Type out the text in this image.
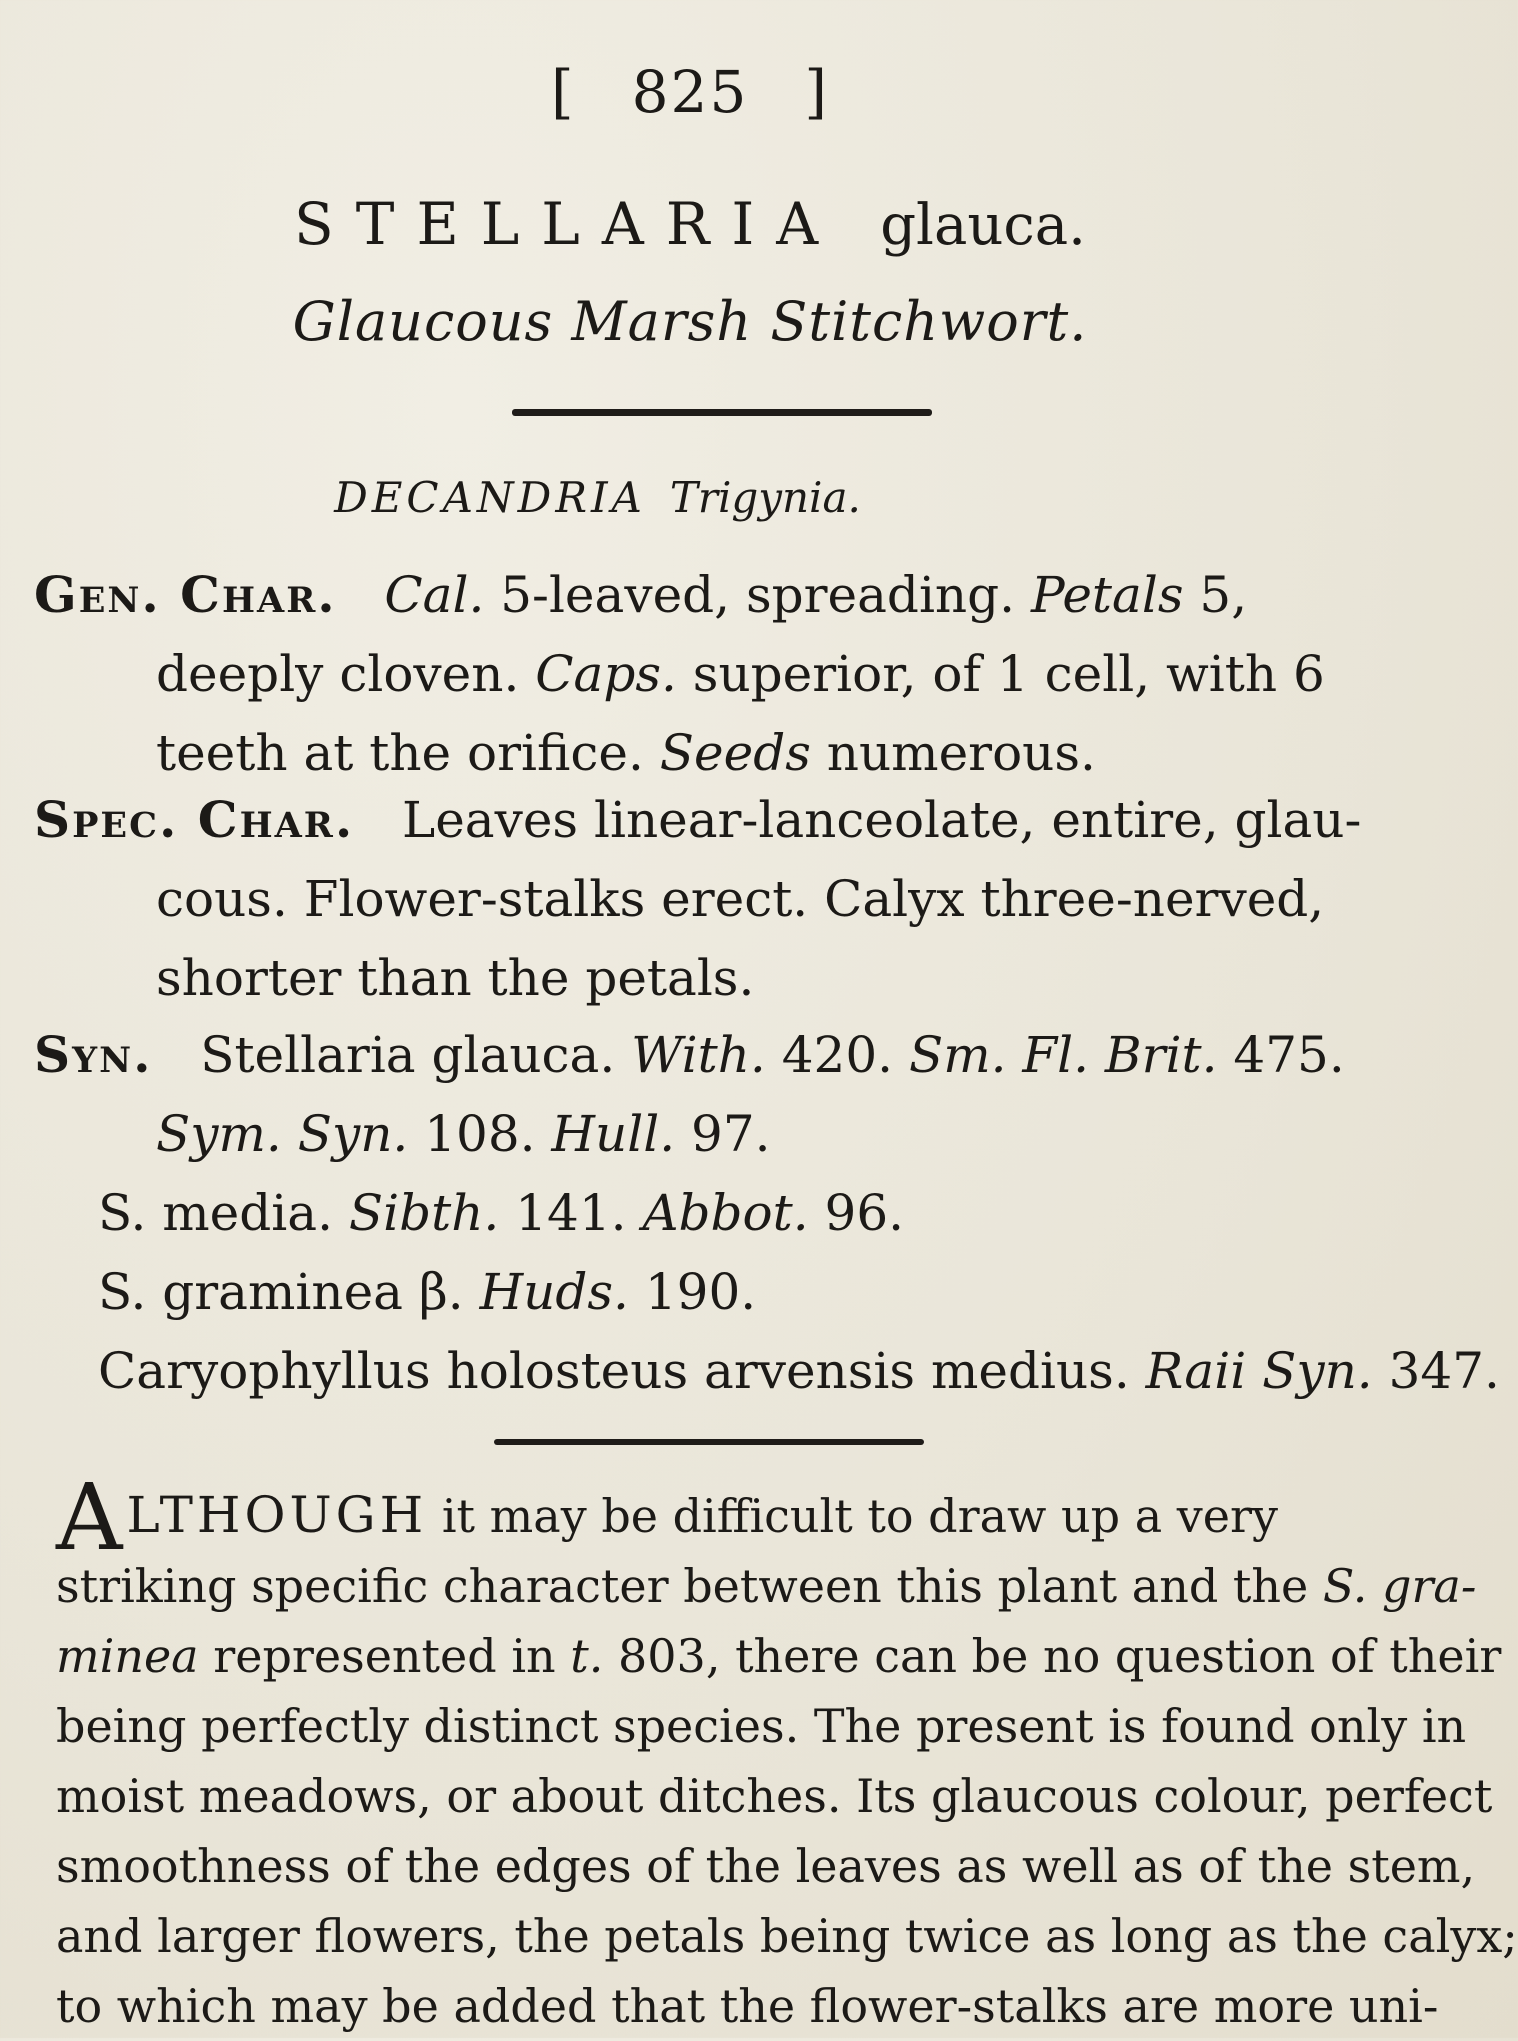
[ 825 ]
STELLARIA glauca.
Glaucous Marsh Stitchwort.
DECANDRIA Trigynia.
Gen. Char. Cal. 5-leaved, spreading. Petals 5,
deeply cloven. Caps. superior, of 1 cell, with 6
teeth at the orifice. Seeds numerous.
Spec. Char. Leaves linear-lanceolate, entire, glau-
cous. Flower-stalks erect. Calyx three-nerved,
shorter than the petals.
Syn. Stellaria glauca. With. 420. Sm. Fl. Brit. 475.
Sym. Syn. 108. Hull. 97.
S. media. Sibth. 141. Abbot. 96.
S. graminea β. Huds. 190.
Caryophyllus holosteus arvensis medius. Raii Syn. 347.
ALTHOUGH it may be difficult to draw up a very
striking specific character between this plant and the S. gra-
minea represented in t. 803, there can be no question of their
being perfectly distinct species. The present is found only in
moist meadows, or about ditches. Its glaucous colour, perfect
smoothness of the edges of the leaves as well as of the stem,
and larger flowers, the petals being twice as long as the calyx;
to which may be added that the flower-stalks are more uni-
